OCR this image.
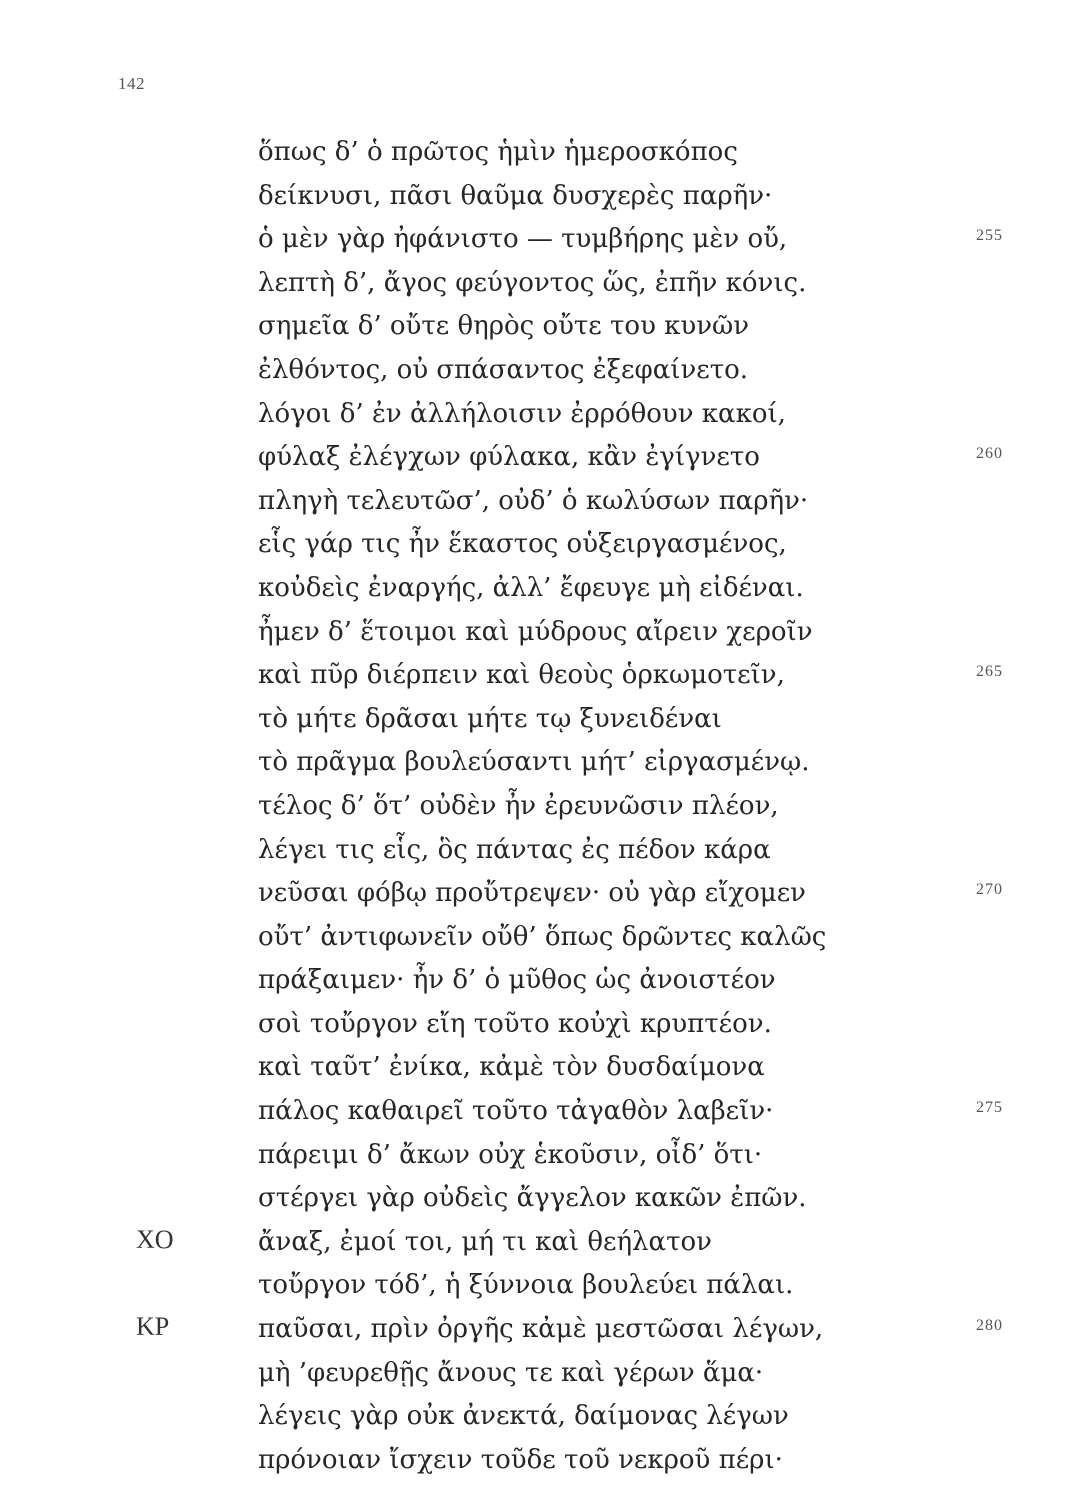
142
ὅπως δ’ ὁ πρῶτος ἡμὶν ἡμεροσκόπος
δείκνυσι, πᾶσι θαῦμα δυσχερὲς παρῆν·
ὁ μὲν γὰρ ἠφάνιστο — τυμβήρης μὲν οὔ,	255
λεπτὴ δ’, ἄγος φεύγοντος ὥς, ἐπῆν κόνις.
σημεῖα δ’ οὔτε θηρὸς οὔτε του κυνῶν
ἐλθόντος, οὐ σπάσαντος ἐξεφαίνετο.
λόγοι δ’ ἐν ἀλλήλοισιν ἐρρόθουν κακοί,
φύλαξ ἐλέγχων φύλακα, κἂν ἐγίγνετο	260
πληγὴ τελευτῶσ’, οὐδ’ ὁ κωλύσων παρῆν·
εἷς γάρ τις ἦν ἕκαστος οὑξειργασμένος,
κοὐδεὶς ἐναργής, ἀλλ’ ἔφευγε μὴ εἰδέναι.
ἦμεν δ’ ἕτοιμοι καὶ μύδρους αἴρειν χεροῖν
καὶ πῦρ διέρπειν καὶ θεοὺς ὁρκωμοτεῖν,	265
τὸ μήτε δρᾶσαι μήτε τῳ ξυνειδέναι
τὸ πρᾶγμα βουλεύσαντι μήτ’ εἰργασμένῳ.
τέλος δ’ ὅτ’ οὐδὲν ἦν ἐρευνῶσιν πλέον,
λέγει τις εἷς, ὃς πάντας ἐς πέδον κάρα
νεῦσαι φόβῳ προὔτρεψεν· οὐ γὰρ εἴχομεν	270
οὔτ’ ἀντιφωνεῖν οὔθ’ ὅπως δρῶντες καλῶς
πράξαιμεν· ἦν δ’ ὁ μῦθος ὡς ἀνοιστέον
σοὶ τοὔργον εἴη τοῦτο κοὐχὶ κρυπτέον.
καὶ ταῦτ’ ἐνίκα, κἀμὲ τὸν δυσδαίμονα
πάλος καθαιρεῖ τοῦτο τἀγαθὸν λαβεῖν·	275
πάρειμι δ’ ἄκων οὐχ ἑκοῦσιν, οἶδ’ ὅτι·
στέργει γὰρ οὐδεὶς ἄγγελον κακῶν ἐπῶν.
ΧΟ	ἄναξ, ἐμοί τοι, μή τι καὶ θεήλατον
τοὔργον τόδ’, ἡ ξύννοια βουλεύει πάλαι.
ΚΡ	παῦσαι, πρὶν ὀργῆς κἀμὲ μεστῶσαι λέγων,	280
μὴ ’φευρεθῇς ἄνους τε καὶ γέρων ἅμα·
λέγεις γὰρ οὐκ ἀνεκτά, δαίμονας λέγων
πρόνοιαν ἴσχειν τοῦδε τοῦ νεκροῦ πέρι·
